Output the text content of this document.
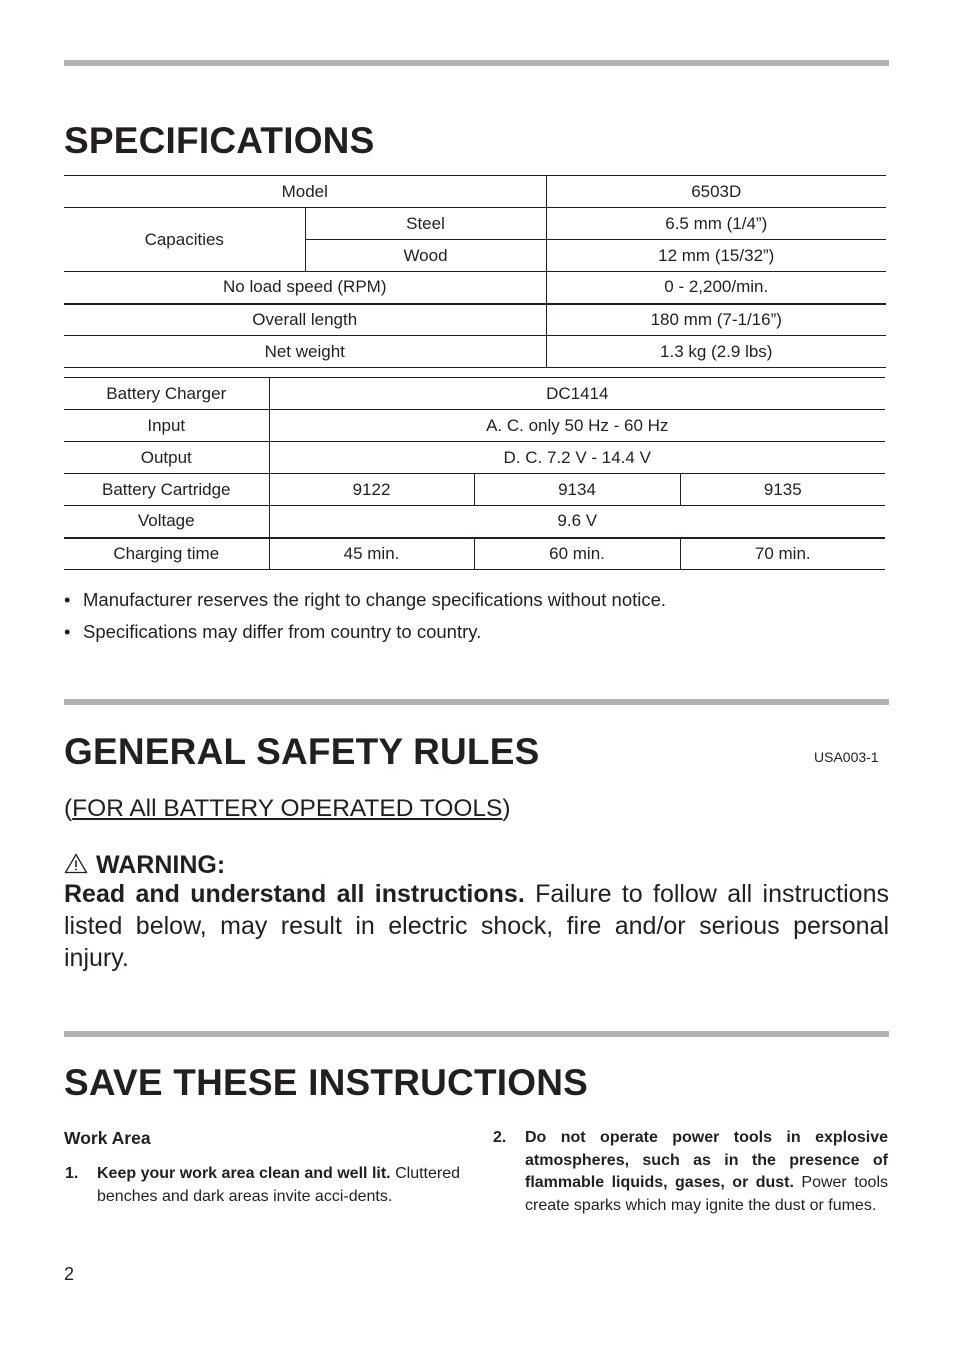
SPECIFICATIONS
Model		6503D
Capacities	Steel	6.5 mm (1/4”)
	Wood	12 mm (15/32”)
No load speed (RPM)		0 - 2,200/min.
Overall length		180 mm (7-1/16”)
Net weight		1.3 kg (2.9 lbs)
Battery Charger	DC1414		
Input	A. C. only 50 Hz - 60 Hz		
Output	D. C. 7.2 V - 14.4 V		
Battery Cartridge	9122	9134	9135
Voltage	9.6 V		
Charging time	45 min.	60 min.	70 min.
• Manufacturer reserves the right to change specifications without notice.
• Specifications may differ from country to country.
GENERAL SAFETY RULES	USA003-1
(FOR All BATTERY OPERATED TOOLS)
WARNING:
Read and understand all instructions. Failure to follow all instructions listed below, may result in electric shock, fire and/or serious personal injury.
SAVE THESE INSTRUCTIONS
Work Area
1. Keep your work area clean and well lit. Cluttered benches and dark areas invite acci-dents.
2. Do not operate power tools in explosive atmospheres, such as in the presence of flammable liquids, gases, or dust. Power tools create sparks which may ignite the dust or fumes.
2
